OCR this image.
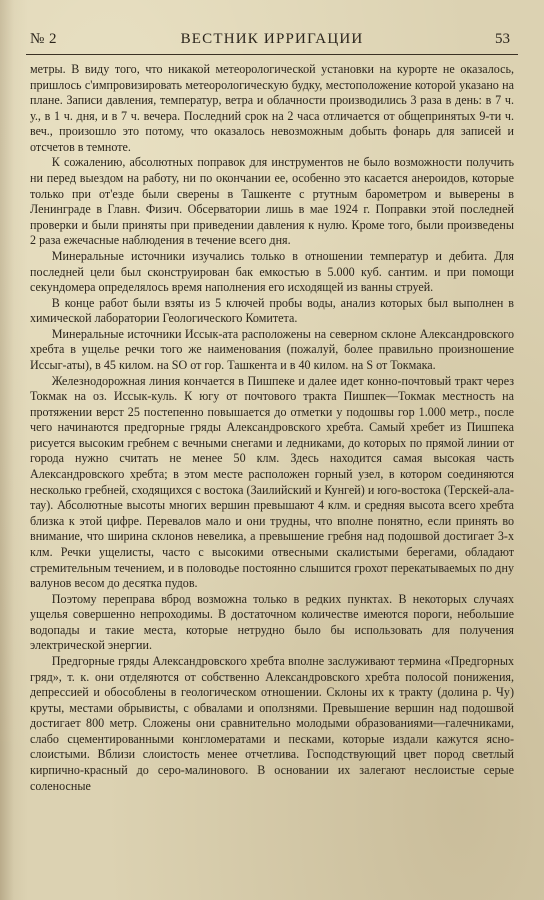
№ 2	ВЕСТНИК ИРРИГАЦИИ	53

метры. В виду того, что никакой метеорологической установки на курорте не оказалось, пришлось с'импровизировать метеорологическую будку, местоположение которой указано на плане. Записи давления, температур, ветра и облачности производились 3 раза в день: в 7 ч. у., в 1 ч. дня, и в 7 ч. вечера. Последний срок на 2 часа отличается от общепринятых 9-ти ч. веч., произошло это потому, что оказалось невозможным добыть фонарь для записей и отсчетов в темноте.

К сожалению, абсолютных поправок для инструментов не было возможности получить ни перед выездом на работу, ни по окончании ее, особенно это касается анероидов, которые только при от'езде были сверены в Ташкенте с ртутным барометром и выверены в Ленинграде в Главн. Физич. Обсерватории лишь в мае 1924 г. Поправки этой последней проверки и были приняты при приведении давления к нулю. Кроме того, были произведены 2 раза ежечасные наблюдения в течение всего дня.

Минеральные источники изучались только в отношении температур и дебита. Для последней цели был сконструирован бак емкостью в 5.000 куб. сантим. и при помощи секундомера определялось время наполнения его исходящей из ванны струей.

В конце работ были взяты из 5 ключей пробы воды, анализ которых был выполнен в химической лаборатории Геологического Комитета.

Минеральные источники Иссык-ата расположены на северном склоне Александровского хребта в ущелье речки того же наименования (пожалуй, более правильно произношение Иссыг-аты), в 45 килом. на SO от гор. Ташкента и в 40 килом. на S от Токмака.

Железнодорожная линия кончается в Пишпеке и далее идет конно-почтовый тракт через Токмак на оз. Иссык-куль. К югу от почтового тракта Пишпек—Токмак местность на протяжении верст 25 постепенно повышается до отметки у подошвы гор 1.000 метр., после чего начинаются предгорные гряды Александровского хребта. Самый хребет из Пишпека рисуется высоким гребнем с вечными снегами и ледниками, до которых по прямой линии от города нужно считать не менее 50 клм. Здесь находится самая высокая часть Александровского хребта; в этом месте расположен горный узел, в котором соединяются несколько гребней, сходящихся с востока (Заилийский и Кунгей) и юго-востока (Терскей-ала-тау). Абсолютные высоты многих вершин превышают 4 клм. и средняя высота всего хребта близка к этой цифре. Перевалов мало и они трудны, что вполне понятно, если принять во внимание, что ширина склонов невелика, а превышение гребня над подошвой достигает 3-х клм. Речки ущелисты, часто с высокими отвесными скалистыми берегами, обладают стремительным течением, и в половодье постоянно слышится грохот перекатываемых по дну валунов весом до десятка пудов.

Поэтому переправа вброд возможна только в редких пунктах. В некоторых случаях ущелья совершенно непроходимы. В достаточном количестве имеются пороги, небольшие водопады и такие места, которые нетрудно было бы использовать для получения электрической энергии.

Предгорные гряды Александровского хребта вполне заслуживают термина «Предгорных гряд», т. к. они отделяются от собственно Александровского хребта полосой понижения, депрессией и обособлены в геологическом отношении. Склоны их к тракту (долина р. Чу) круты, местами обрывисты, с обвалами и оползнями. Превышение вершин над подошвой достигает 800 метр. Сложены они сравнительно молодыми образованиями—галечниками, слабо сцементированными конгломератами и песками, которые издали кажутся ясно-слоистыми. Вблизи слоистость менее отчетлива. Господствующий цвет пород светлый кирпично-красный до серо-малинового. В основании их залегают неслоистые серые соленосные
